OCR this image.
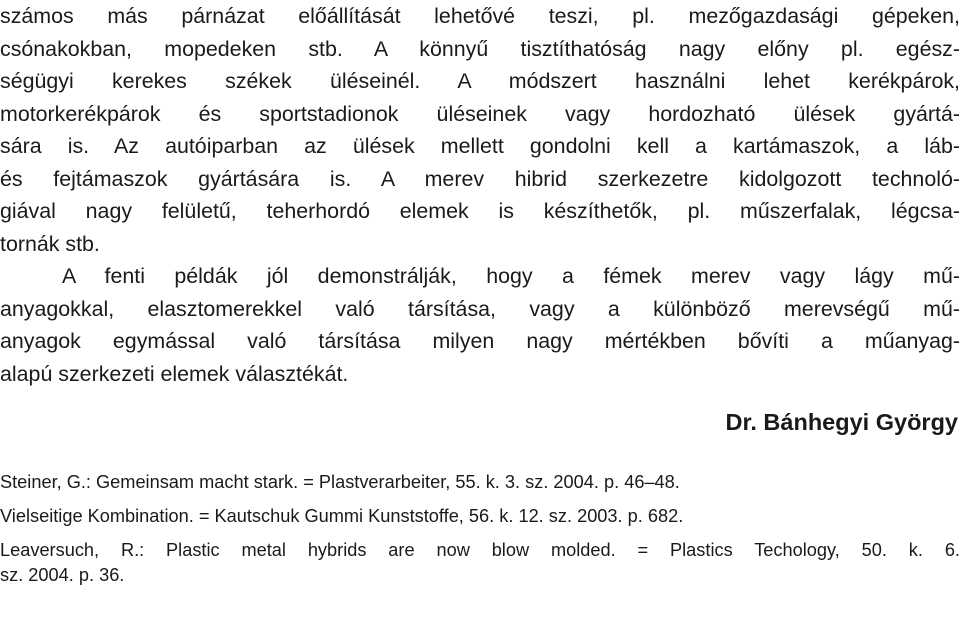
számos más párnázat előállítását lehetővé teszi, pl. mezőgazdasági gépeken,
csónakokban, mopedeken stb. A könnyű tisztíthatóság nagy előny pl. egész-
ségügyi kerekes székek üléseinél. A módszert használni lehet kerékpárok,
motorkerékpárok és sportstadionok üléseinek vagy hordozható ülések gyártá-
sára is. Az autóiparban az ülések mellett gondolni kell a kartámaszok, a láb-
és fejtámaszok gyártására is. A merev hibrid szerkezetre kidolgozott technoló-
giával nagy felületű, teherhordó elemek is készíthetők, pl. műszerfalak, légcsa-
tornák stb.
A fenti példák jól demonstrálják, hogy a fémek merev vagy lágy mű-
anyagokkal, elasztomerekkel való társítása, vagy a különböző merevségű mű-
anyagok egymással való társítása milyen nagy mértékben bővíti a műanyag-
alapú szerkezeti elemek választékát.
Dr. Bánhegyi György
Steiner, G.: Gemeinsam macht stark. = Plastverarbeiter, 55. k. 3. sz. 2004. p. 46–48.
Vielseitige Kombination. = Kautschuk Gummi Kunststoffe, 56. k. 12. sz. 2003. p. 682.
Leaversuch, R.: Plastic metal hybrids are now blow molded. = Plastics Techology, 50. k. 6.
sz. 2004. p. 36.
